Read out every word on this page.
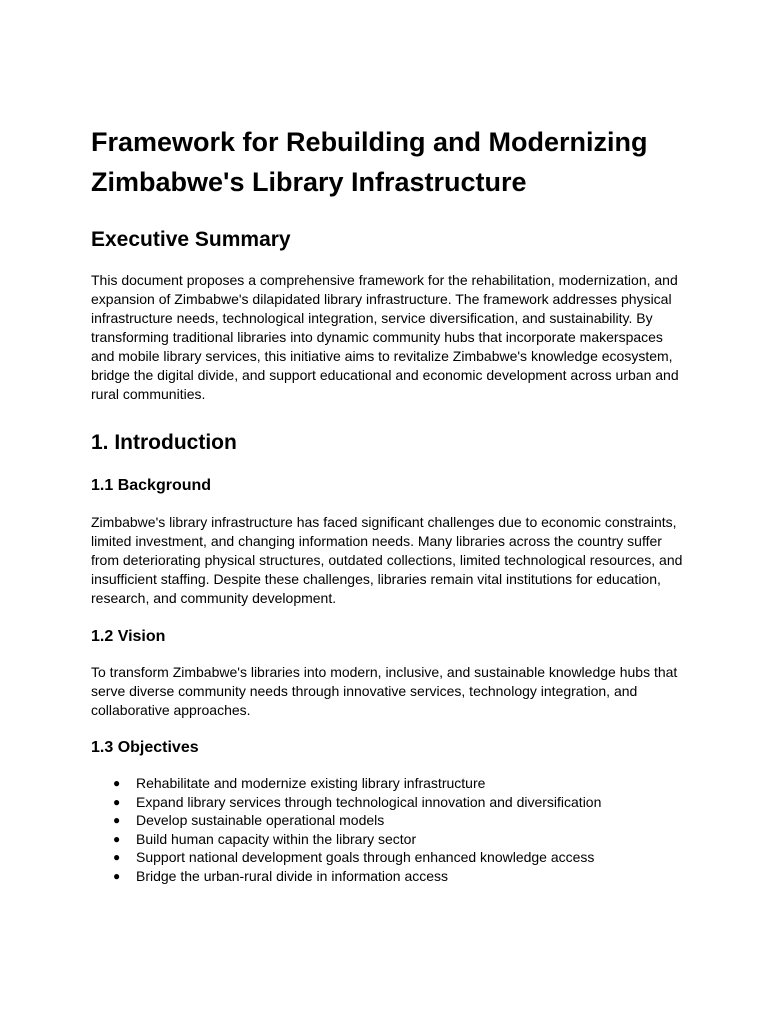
Framework for Rebuilding and Modernizing Zimbabwe's Library Infrastructure
Executive Summary

This document proposes a comprehensive framework for the rehabilitation, modernization, and expansion of Zimbabwe's dilapidated library infrastructure. The framework addresses physical infrastructure needs, technological integration, service diversification, and sustainability. By transforming traditional libraries into dynamic community hubs that incorporate makerspaces and mobile library services, this initiative aims to revitalize Zimbabwe's knowledge ecosystem, bridge the digital divide, and support educational and economic development across urban and rural communities.

1. Introduction
1.1 Background

Zimbabwe's library infrastructure has faced significant challenges due to economic constraints, limited investment, and changing information needs. Many libraries across the country suffer from deteriorating physical structures, outdated collections, limited technological resources, and insufficient staffing. Despite these challenges, libraries remain vital institutions for education, research, and community development.

1.2 Vision

To transform Zimbabwe's libraries into modern, inclusive, and sustainable knowledge hubs that serve diverse community needs through innovative services, technology integration, and collaborative approaches.

1.3 Objectives
● Rehabilitate and modernize existing library infrastructure
● Expand library services through technological innovation and diversification
● Develop sustainable operational models
● Build human capacity within the library sector
● Support national development goals through enhanced knowledge access
● Bridge the urban-rural divide in information access
